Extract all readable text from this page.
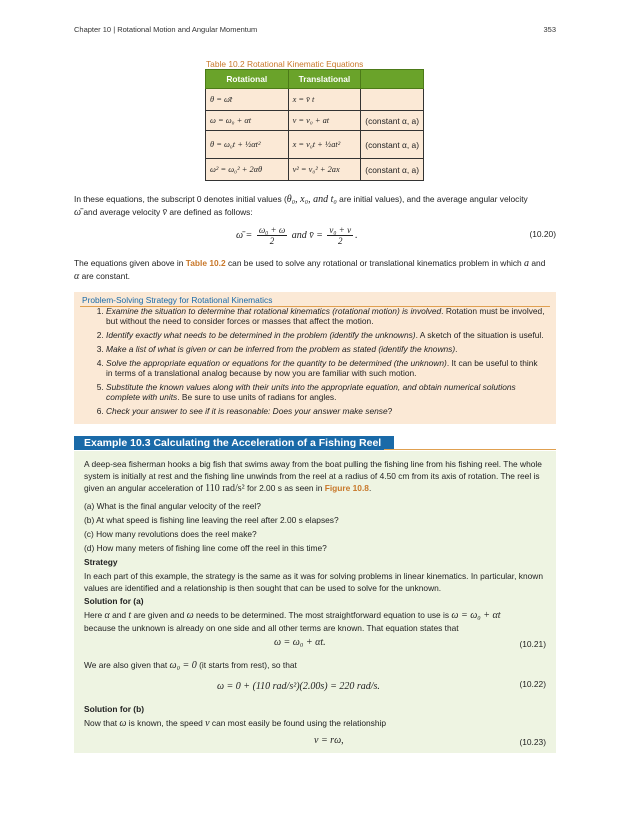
Chapter 10 | Rotational Motion and Angular Momentum	353
Table 10.2 Rotational Kinematic Equations
Rotational	Translational	
θ = ω̄t	x = v̄ t	
ω = ω₀ + αt	v = v₀ + at	(constant α, a)
θ = ω₀t + ½αt²	x = v₀t + ½at²	(constant α, a)
ω² = ω₀² + 2αθ	v² = v₀² + 2ax	(constant α, a)
In these equations, the subscript 0 denotes initial values (θ₀, x₀, and t₀ are initial values), and the average angular velocity
ω̄ and average velocity v̄ are defined as follows:
ω̄ = $\frac{\text{ω₀ + ω}}{2}$ and v̄ = $\frac{\text{v₀ + v}}{2}$ .	(10.20)
The equations given above in Table 10.2 can be used to solve any rotational or translational kinematics problem in which a and
α are constant.
Problem-Solving Strategy for Rotational Kinematics
1. Examine the situation to determine that rotational kinematics (rotational motion) is involved. Rotation must be involved, but without the need to consider forces or masses that affect the motion.
2. Identify exactly what needs to be determined in the problem (identify the unknowns). A sketch of the situation is useful.
3. Make a list of what is given or can be inferred from the problem as stated (identify the knowns).
4. Solve the appropriate equation or equations for the quantity to be determined (the unknown). It can be useful to think in terms of a translational analog because by now you are familiar with such motion.
5. Substitute the known values along with their units into the appropriate equation, and obtain numerical solutions complete with units. Be sure to use units of radians for angles.
6. Check your answer to see if it is reasonable: Does your answer make sense?
Example 10.3 Calculating the Acceleration of a Fishing Reel
A deep-sea fisherman hooks a big fish that swims away from the boat pulling the fishing line from his fishing reel. The whole system is initially at rest and the fishing line unwinds from the reel at a radius of 4.50 cm from its axis of rotation. The reel is
given an angular acceleration of 110 rad/s² for 2.00 s as seen in Figure 10.8.
(a) What is the final angular velocity of the reel?
(b) At what speed is fishing line leaving the reel after 2.00 s elapses?
(c) How many revolutions does the reel make?
(d) How many meters of fishing line come off the reel in this time?
Strategy
In each part of this example, the strategy is the same as it was for solving problems in linear kinematics. In particular, known values are identified and a relationship is then sought that can be used to solve for the unknown.
Solution for (a)
Here α and t are given and ω needs to be determined. The most straightforward equation to use is ω = ω₀ + αt
because the unknown is already on one side and all other terms are known. That equation states that
ω = ω₀ + αt.	(10.21)
We are also given that ω₀ = 0 (it starts from rest), so that
ω = 0 + (110 rad/s²)(2.00s) = 220 rad/s.	(10.22)
Solution for (b)
Now that ω is known, the speed v can most easily be found using the relationship
v = rω,	(10.23)
